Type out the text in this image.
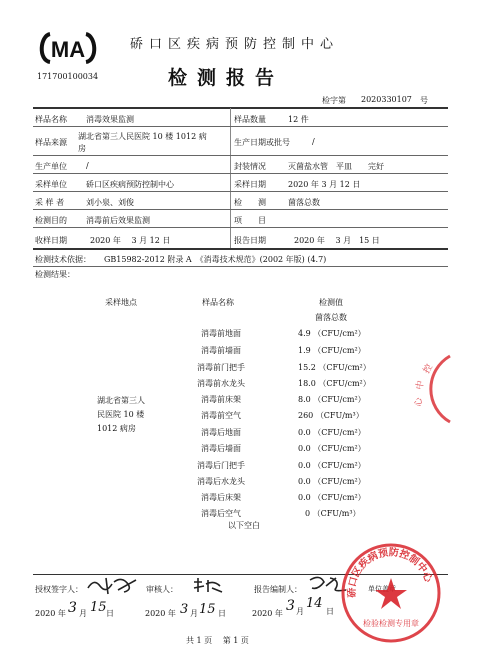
MA
171700100034
硚口区疾病预防控制中心
检测报告
检字第 2020330107 号
样品名称 消毒效果监测	样品数量	12 件
样品来源
湖北省第三人民医院 10 楼 1012 病
房
生产日期或批号	/
生产单位 /	封装情况	灭菌盐水管　平皿　　完好
采样单位 硚口区疾病预防控制中心	采样日期	2020 年 3 月 12 日
采 样 者	刘小泉、刘俊	检　　测	菌落总数
检测目的 消毒前后效果监测	项　　目
收样日期	2020 年　 3 月 12 日	报告日期	2020 年　 3 月　15 日
检测技术依据： GB15982-2012 附录 A　《消毒技术规范》(2002 年版) (4.7)
检测结果：
采样地点	样品名称	检测值
菌落总数
湖北省第三人
民医院 10 楼
1012 病房
消毒前地面	4.9 （CFU/cm²）
消毒前墙面	1.9 （CFU/cm²）
消毒前门把手	15.2 （CFU/cm²）
消毒前水龙头	18.0 （CFU/cm²）
消毒前床架	8.0 （CFU/cm²）
消毒前空气	260 （CFU/m³）
消毒后地面	0.0 （CFU/cm²）
消毒后墙面	0.0 （CFU/cm²）
消毒后门把手	0.0 （CFU/cm²）
消毒后水龙头	0.0 （CFU/cm²）
消毒后床架	0.0 （CFU/cm²）
消毒后空气	0 （CFU/m³）
以下空白
授权签字人：	审核人：	报告编制人：	单位盖章
2020 年 3 月 15 日	2020 年 3 月 15 日	2020 年 3 月
14
日
共 1 页　 第 1 页
控
中
心
硚口区疾病预防控制中心
检验检测专用章
